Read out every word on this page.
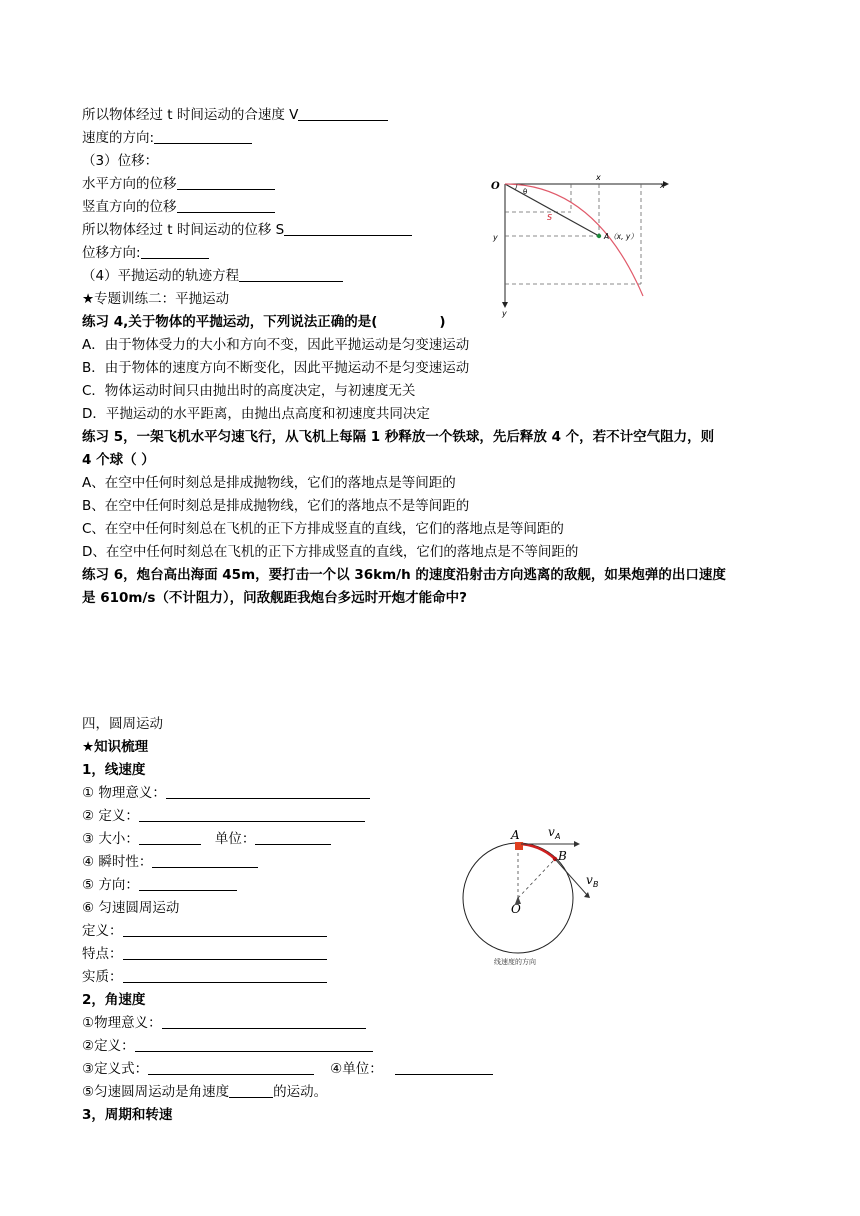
所以物体经过 t 时间运动的合速度 V
速度的方向:
（3）位移：
水平方向的位移
竖直方向的位移
所以物体经过 t 时间运动的位移 S
位移方向:
（4）平抛运动的轨迹方程
★专题训练二：平抛运动
O	x
x
y
y
θ
S
A（x, y）
练习 4,关于物体的平抛运动，下列说法正确的是(	)
A．由于物体受力的大小和方向不变，因此平抛运动是匀变速运动
B．由于物体的速度方向不断变化，因此平抛运动不是匀变速运动
C．物体运动时间只由抛出时的高度决定，与初速度无关
D．平抛运动的水平距离，由抛出点高度和初速度共同决定
练习 5，一架飞机水平匀速飞行，从飞机上每隔 1 秒释放一个铁球，先后释放 4 个，若不计空气阻力，则
4 个球（ ）
A、在空中任何时刻总是排成抛物线，它们的落地点是等间距的
B、在空中任何时刻总是排成抛物线，它们的落地点不是等间距的
C、在空中任何时刻总在飞机的正下方排成竖直的直线，它们的落地点是等间距的
D、在空中任何时刻总在飞机的正下方排成竖直的直线，它们的落地点是不等间距的
练习 6，炮台高出海面 45m，要打击一个以 36km/h 的速度沿射击方向逃离的敌舰，如果炮弹的出口速度
是 610m/s（不计阻力），问敌舰距我炮台多远时开炮才能命中?
四，圆周运动
★知识梳理
1，线速度
① 物理意义：
② 定义：
③ 大小：	单位：
④ 瞬时性：
⑤ 方向：
⑥ 匀速圆周运动
定义：
特点：
实质：
2，角速度
①物理意义：
②定义：
③定义式：	④单位：
⑤匀速圆周运动是角速度	的运动。
3，周期和转速
A
B
O
v A
v B
线速度的方向
